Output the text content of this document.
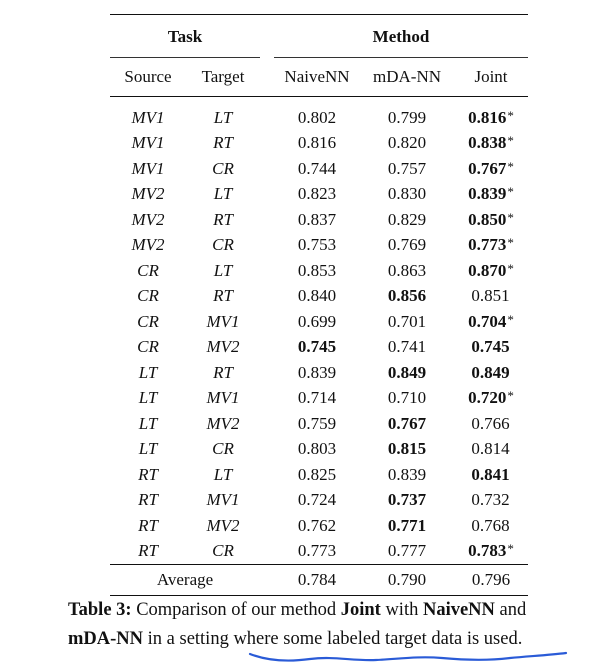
Task			Method		

Source	Target		NaiveNN	mDA-NN	Joint

MV1	LT		0.802	0.799	0.816*
MV1	RT		0.816	0.820	0.838*
MV1	CR		0.744	0.757	0.767*
MV2	LT		0.823	0.830	0.839*
MV2	RT		0.837	0.829	0.850*
MV2	CR		0.753	0.769	0.773*
CR	LT		0.853	0.863	0.870*
CR	RT		0.840	0.856	0.851
CR	MV1		0.699	0.701	0.704*
CR	MV2		0.745	0.741	0.745
LT	RT		0.839	0.849	0.849
LT	MV1		0.714	0.710	0.720*
LT	MV2		0.759	0.767	0.766
LT	CR		0.803	0.815	0.814
RT	LT		0.825	0.839	0.841
RT	MV1		0.724	0.737	0.732
RT	MV2		0.762	0.771	0.768
RT	CR		0.773	0.777	0.783*
Average			0.784	0.790	0.796
Table 3: Comparison of our method Joint with NaiveNN and
mDA-NN in a setting where some labeled target data is used.
